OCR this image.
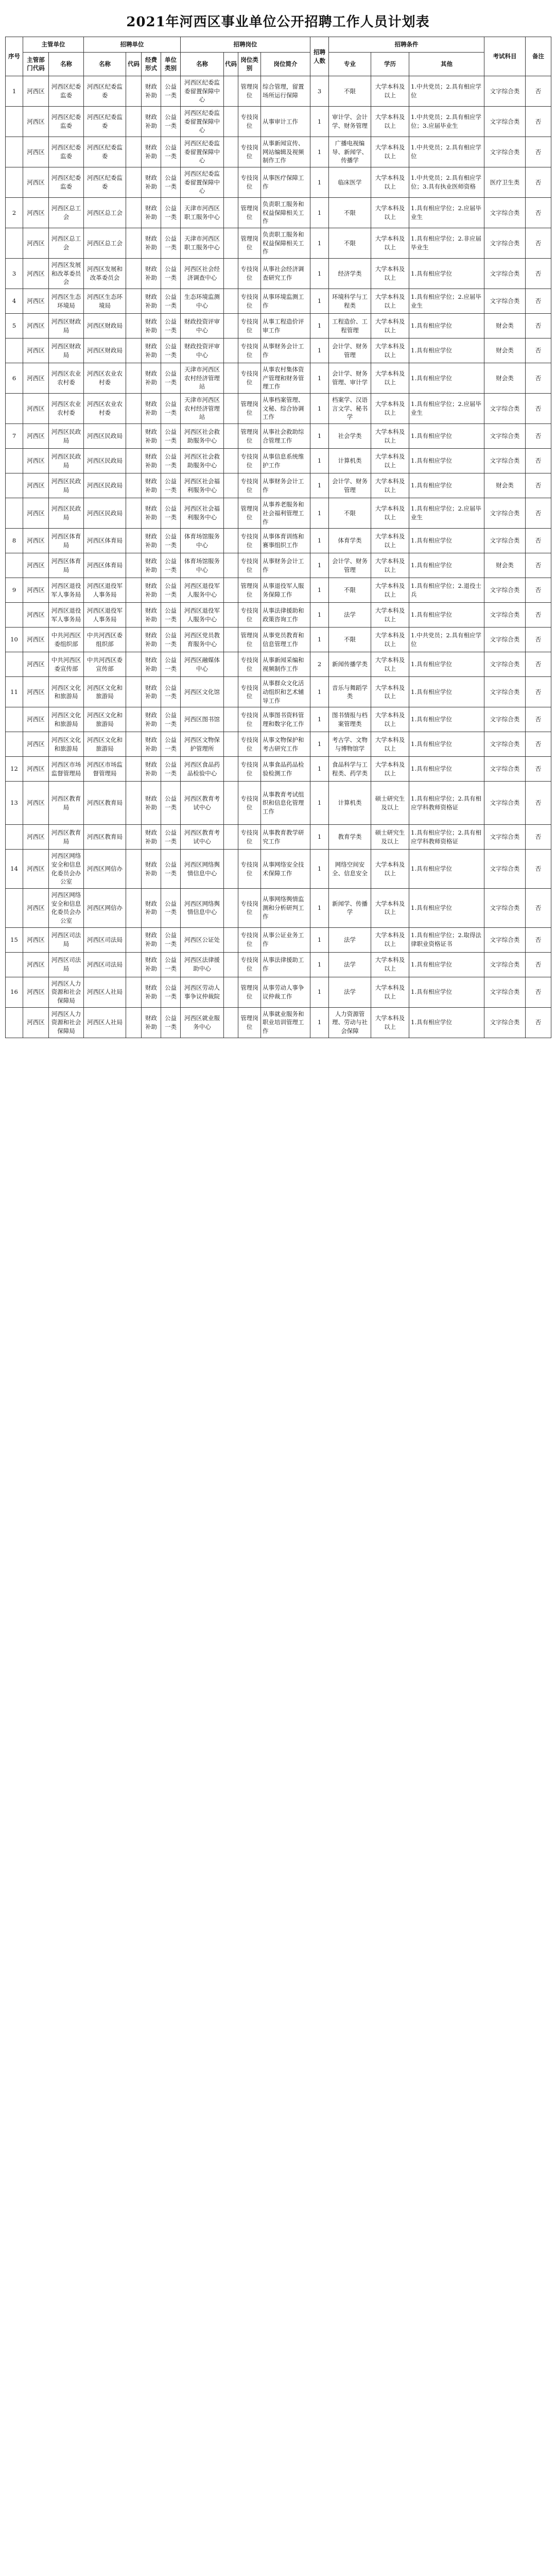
2021年河西区事业单位公开招聘工作人员计划表
序号	主管单位		招聘单位				招聘岗位				招聘人数	招聘条件			考试科目	备注
	主管部门代码	名称	名称	代码	经费形式	单位类别	名称	代码	岗位类别	岗位简介		专业	学历	其他		
1	河西区	河西区纪委监委	河西区纪委监委		财政补助	公益一类	河西区纪委监委留置保障中心		管理岗位	综合管理，留置场所运行保障	3	不限	大学本科及以上	1.中共党员；2.具有相应学位	文字综合类	否
	河西区	河西区纪委监委	河西区纪委监委		财政补助	公益一类	河西区纪委监委留置保障中心		专技岗位	从事审计工作	1	审计学、会计学、财务管理	大学本科及以上	1.中共党员；2.具有相应学位；3.应届毕业生	文字综合类	否
	河西区	河西区纪委监委	河西区纪委监委		财政补助	公益一类	河西区纪委监委留置保障中心		专技岗位	从事新闻宣传、网站编辑及视频制作工作	1	广播电视编导、新闻学、传播学	大学本科及以上	1.中共党员；2.具有相应学位	文字综合类	否
	河西区	河西区纪委监委	河西区纪委监委		财政补助	公益一类	河西区纪委监委留置保障中心		专技岗位	从事医疗保障工作	1	临床医学	大学本科及以上	1.中共党员；2.具有相应学位；3.具有执业医师资格	医疗卫生类	否
2	河西区	河西区总工会	河西区总工会		财政补助	公益一类	天津市河西区职工服务中心		管理岗位	负责职工服务和权益保障相关工作	1	不限	大学本科及以上	1.具有相应学位；2.应届毕业生	文字综合类	否
	河西区	河西区总工会	河西区总工会		财政补助	公益一类	天津市河西区职工服务中心		管理岗位	负责职工服务和权益保障相关工作	1	不限	大学本科及以上	1.具有相应学位；2.非应届毕业生	文字综合类	否
3	河西区	河西区发展和改革委员会	河西区发展和改革委员会		财政补助	公益一类	河西区社会经济调查中心		专技岗位	从事社会经济调查研究工作	1	经济学类	大学本科及以上	1.具有相应学位	文字综合类	否
4	河西区	河西区生态环境局	河西区生态环境局		财政补助	公益一类	生态环境监测中心		专技岗位	从事环境监测工作	1	环境科学与工程类	大学本科及以上	1.具有相应学位；2.应届毕业生	文字综合类	否
5	河西区	河西区财政局	河西区财政局		财政补助	公益一类	财政投资评审中心		专技岗位	从事工程造价评审工作	1	工程造价、工程管理	大学本科及以上	1.具有相应学位	财会类	否
	河西区	河西区财政局	河西区财政局		财政补助	公益一类	财政投资评审中心		专技岗位	从事财务会计工作	1	会计学、财务管理	大学本科及以上	1.具有相应学位	财会类	否
6	河西区	河西区农业农村委	河西区农业农村委		财政补助	公益一类	天津市河西区农村经济管理站		专技岗位	从事农村集体资产管理和财务管理工作	1	会计学、财务管理、审计学	大学本科及以上	1.具有相应学位	财会类	否
	河西区	河西区农业农村委	河西区农业农村委		财政补助	公益一类	天津市河西区农村经济管理站		管理岗位	从事档案管理、文秘、综合协调工作	1	档案学、汉语言文学、秘书学	大学本科及以上	1.具有相应学位；2.应届毕业生	文字综合类	否
7	河西区	河西区民政局	河西区民政局		财政补助	公益一类	河西区社会救助服务中心		管理岗位	从事社会救助综合管理工作	1	社会学类	大学本科及以上	1.具有相应学位	文字综合类	否
	河西区	河西区民政局	河西区民政局		财政补助	公益一类	河西区社会救助服务中心		专技岗位	从事信息系统维护工作	1	计算机类	大学本科及以上	1.具有相应学位	文字综合类	否
	河西区	河西区民政局	河西区民政局		财政补助	公益一类	河西区社会福利服务中心		专技岗位	从事财务会计工作	1	会计学、财务管理	大学本科及以上	1.具有相应学位	财会类	否
	河西区	河西区民政局	河西区民政局		财政补助	公益一类	河西区社会福利服务中心		管理岗位	从事养老服务和社会福利管理工作	1	不限	大学本科及以上	1.具有相应学位；2.应届毕业生	文字综合类	否
8	河西区	河西区体育局	河西区体育局		财政补助	公益一类	体育场馆服务中心		专技岗位	从事体育训练和赛事组织工作	1	体育学类	大学本科及以上	1.具有相应学位	文字综合类	否
	河西区	河西区体育局	河西区体育局		财政补助	公益一类	体育场馆服务中心		专技岗位	从事财务会计工作	1	会计学、财务管理	大学本科及以上	1.具有相应学位	财会类	否
9	河西区	河西区退役军人事务局	河西区退役军人事务局		财政补助	公益一类	河西区退役军人服务中心		管理岗位	从事退役军人服务保障工作	1	不限	大学本科及以上	1.具有相应学位；2.退役士兵	文字综合类	否
	河西区	河西区退役军人事务局	河西区退役军人事务局		财政补助	公益一类	河西区退役军人服务中心		专技岗位	从事法律援助和政策咨询工作	1	法学	大学本科及以上	1.具有相应学位	文字综合类	否
10	河西区	中共河西区委组织部	中共河西区委组织部		财政补助	公益一类	河西区党员教育服务中心		管理岗位	从事党员教育和信息管理工作	1	不限	大学本科及以上	1.中共党员；2.具有相应学位	文字综合类	否
	河西区	中共河西区委宣传部	中共河西区委宣传部		财政补助	公益一类	河西区融媒体中心		专技岗位	从事新闻采编和视频制作工作	2	新闻传播学类	大学本科及以上	1.具有相应学位	文字综合类	否
11	河西区	河西区文化和旅游局	河西区文化和旅游局		财政补助	公益一类	河西区文化馆		专技岗位	从事群众文化活动组织和艺术辅导工作	1	音乐与舞蹈学类	大学本科及以上	1.具有相应学位	文字综合类	否
	河西区	河西区文化和旅游局	河西区文化和旅游局		财政补助	公益一类	河西区图书馆		专技岗位	从事图书资料管理和数字化工作	1	图书情报与档案管理类	大学本科及以上	1.具有相应学位	文字综合类	否
	河西区	河西区文化和旅游局	河西区文化和旅游局		财政补助	公益一类	河西区文物保护管理所		专技岗位	从事文物保护和考古研究工作	1	考古学、文物与博物馆学	大学本科及以上	1.具有相应学位	文字综合类	否
12	河西区	河西区市场监督管理局	河西区市场监督管理局		财政补助	公益一类	河西区食品药品检验中心		专技岗位	从事食品药品检验检测工作	1	食品科学与工程类、药学类	大学本科及以上	1.具有相应学位	文字综合类	否
13	河西区	河西区教育局	河西区教育局		财政补助	公益一类	河西区教育考试中心		专技岗位	从事教育考试组织和信息化管理工作	1	计算机类	硕士研究生及以上	1.具有相应学位；2.具有相应学科教师资格证	文字综合类	否
	河西区	河西区教育局	河西区教育局		财政补助	公益一类	河西区教育考试中心		专技岗位	从事教育教学研究工作	1	教育学类	硕士研究生及以上	1.具有相应学位；2.具有相应学科教师资格证	文字综合类	否
14	河西区	河西区网络安全和信息化委员会办公室	河西区网信办		财政补助	公益一类	河西区网络舆情信息中心		专技岗位	从事网络安全技术保障工作	1	网络空间安全、信息安全	大学本科及以上	1.具有相应学位	文字综合类	否
	河西区	河西区网络安全和信息化委员会办公室	河西区网信办		财政补助	公益一类	河西区网络舆情信息中心		专技岗位	从事网络舆情监测和分析研判工作	1	新闻学、传播学	大学本科及以上	1.具有相应学位	文字综合类	否
15	河西区	河西区司法局	河西区司法局		财政补助	公益一类	河西区公证处		专技岗位	从事公证业务工作	1	法学	大学本科及以上	1.具有相应学位；2.取得法律职业资格证书	文字综合类	否
	河西区	河西区司法局	河西区司法局		财政补助	公益一类	河西区法律援助中心		专技岗位	从事法律援助工作	1	法学	大学本科及以上	1.具有相应学位	文字综合类	否
16	河西区	河西区人力资源和社会保障局	河西区人社局		财政补助	公益一类	河西区劳动人事争议仲裁院		管理岗位	从事劳动人事争议仲裁工作	1	法学	大学本科及以上	1.具有相应学位	文字综合类	否
	河西区	河西区人力资源和社会保障局	河西区人社局		财政补助	公益一类	河西区就业服务中心		管理岗位	从事就业服务和职业培训管理工作	1	人力资源管理、劳动与社会保障	大学本科及以上	1.具有相应学位	文字综合类	否
